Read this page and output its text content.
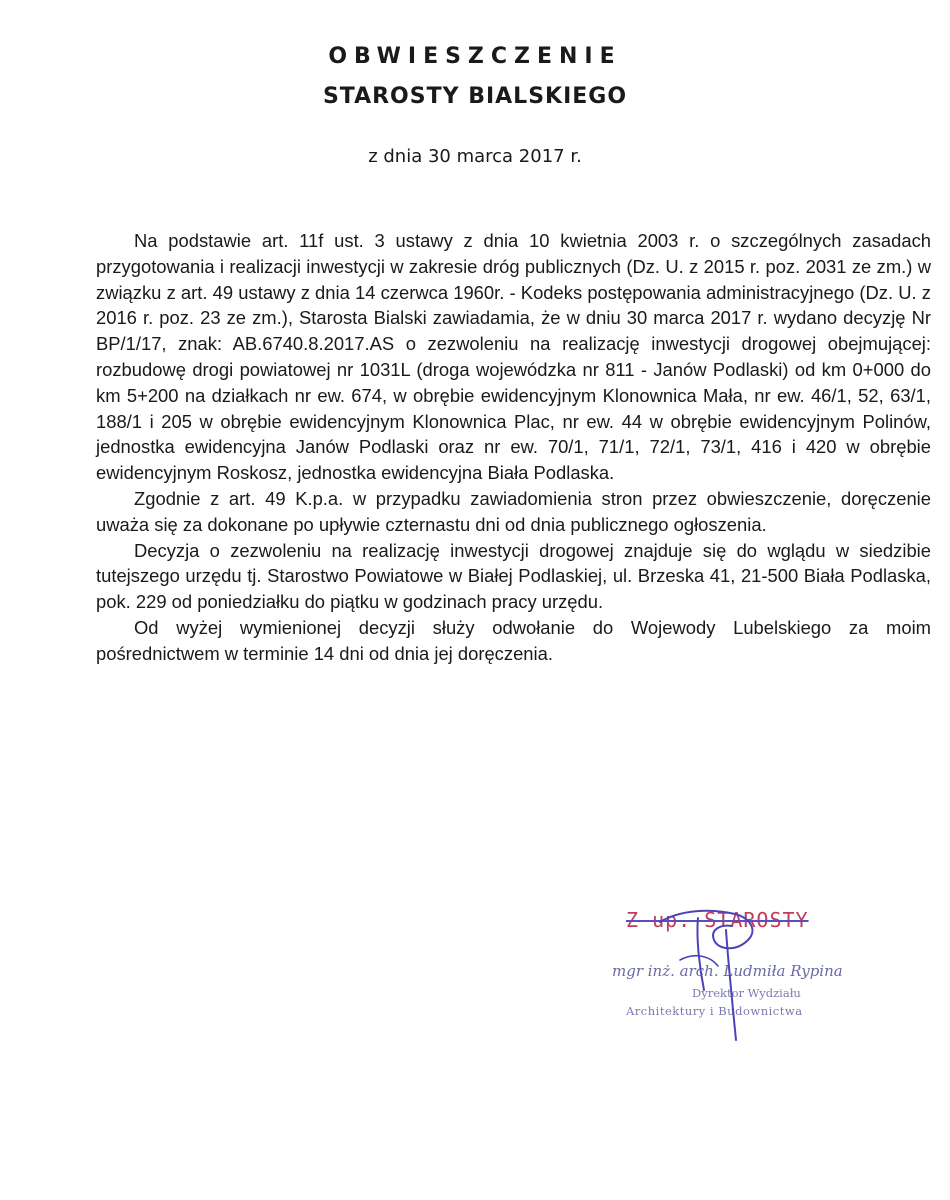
OBWIESZCZENIE
STAROSTY BIALSKIEGO
z dnia 30 marca 2017 r.

Na podstawie art. 11f ust. 3 ustawy z dnia 10 kwietnia 2003 r. o szczególnych zasadach przygotowania i realizacji inwestycji w zakresie dróg publicznych (Dz. U. z 2015 r. poz. 2031 ze zm.) w związku z art. 49 ustawy z dnia 14 czerwca 1960r. - Kodeks postępowania administracyjnego (Dz. U. z 2016 r. poz. 23 ze zm.), Starosta Bialski zawiadamia, że w dniu 30 marca 2017 r. wydano decyzję Nr BP/1/17, znak: AB.6740.8.2017.AS o zezwoleniu na realizację inwestycji drogowej obejmującej: rozbudowę drogi powiatowej nr 1031L (droga wojewódzka nr 811 - Janów Podlaski) od km 0+000 do km 5+200 na działkach nr ew. 674, w obrębie ewidencyjnym Klonownica Mała, nr ew. 46/1, 52, 63/1, 188/1 i 205 w obrębie ewidencyjnym Klonownica Plac, nr ew. 44 w obrębie ewidencyjnym Polinów, jednostka ewidencyjna Janów Podlaski oraz nr ew. 70/1, 71/1, 72/1, 73/1, 416 i 420 w obrębie ewidencyjnym Roskosz, jednostka ewidencyjna Biała Podlaska.

Zgodnie z art. 49 K.p.a. w przypadku zawiadomienia stron przez obwieszczenie, doręczenie uważa się za dokonane po upływie czternastu dni od dnia publicznego ogłoszenia.

Decyzja o zezwoleniu na realizację inwestycji drogowej znajduje się do wglądu w siedzibie tutejszego urzędu tj. Starostwo Powiatowe w Białej Podlaskiej, ul. Brzeska 41, 21-500 Biała Podlaska, pok. 229 od poniedziałku do piątku w godzinach pracy urzędu.

Od wyżej wymienionej decyzji służy odwołanie do Wojewody Lubelskiego za moim pośrednictwem w terminie 14 dni od dnia jej doręczenia.

Z up. STAROSTY
mgr inż. arch. Ludmiła Rypina
Dyrektor Wydziału
Architektury i Budownictwa
